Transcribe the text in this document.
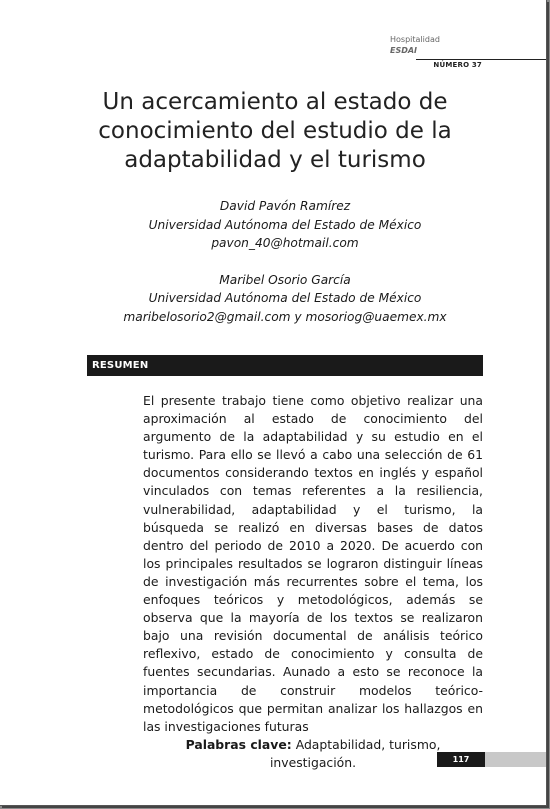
Hospitalidad
ESDAI
NÚMERO 37
Un acercamiento al estado de conocimiento del estudio de la adaptabilidad y el turismo
David Pavón Ramírez
Universidad Autónoma del Estado de México
pavon_40@hotmail.com
Maribel Osorio García
Universidad Autónoma del Estado de México
maribelosorio2@gmail.com y mosoriog@uaemex.mx
RESUMEN

El presente trabajo tiene como objetivo realizar una aproximación al estado de conocimiento del argumento de la adaptabilidad y su estudio en el turismo. Para ello se llevó a cabo una selección de 61 documentos considerando textos en inglés y español vinculados con temas referentes a la resiliencia, vulnerabilidad, adaptabilidad y el turismo, la búsqueda se realizó en diversas bases de datos dentro del periodo de 2010 a 2020. De acuerdo con los principales resultados se lograron distinguir líneas de investigación más recurrentes sobre el tema, los enfoques teóricos y metodológicos, además se observa que la mayoría de los textos se realizaron bajo una revisión documental de análisis teórico reflexivo, estado de conocimiento y consulta de fuentes secundarias. Aunado a esto se reconoce la importancia de construir modelos teórico-metodológicos que permitan analizar los hallazgos en las investigaciones futuras

Palabras clave: Adaptabilidad, turismo, investigación.	117
